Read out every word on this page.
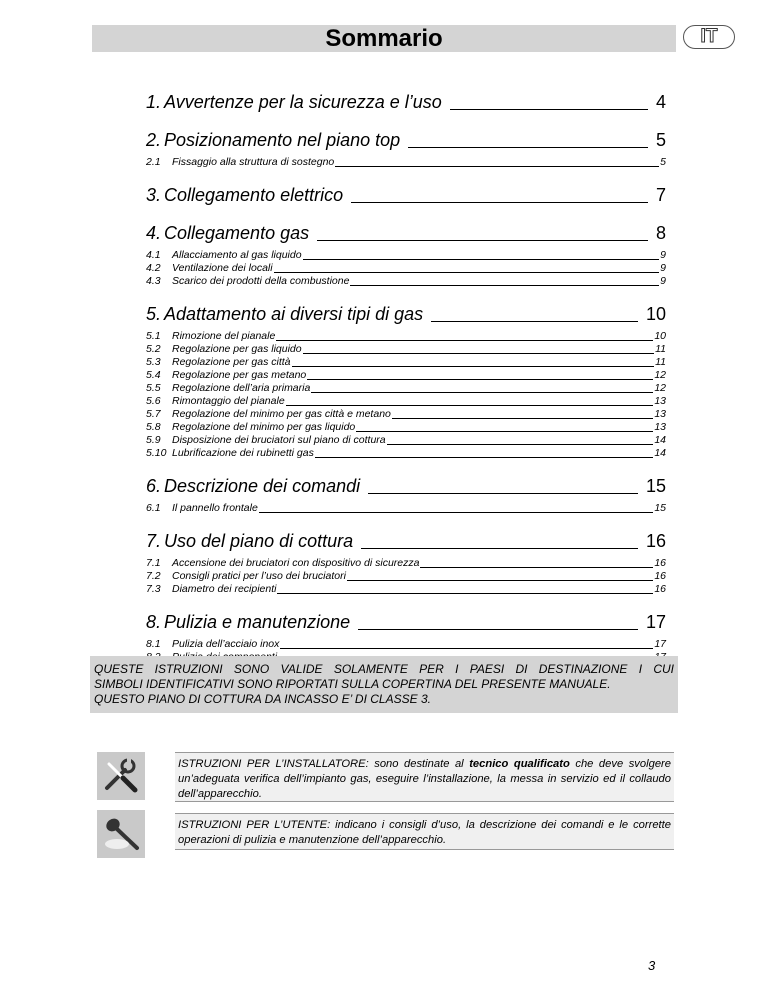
Sommario	IT
1. Avvertenze per la sicurezza e l’uso	4
2. Posizionamento nel piano top	5
2.1	Fissaggio alla struttura di sostegno	5
3. Collegamento elettrico	7
4. Collegamento gas	8
4.1	Allacciamento al gas liquido	9
4.2	Ventilazione dei locali	9
4.3	Scarico dei prodotti della combustione	9
5. Adattamento ai diversi tipi di gas	10
5.1	Rimozione del pianale	10
5.2	Regolazione per gas liquido	11
5.3	Regolazione per gas città	11
5.4	Regolazione per gas metano	12
5.5	Regolazione dell’aria primaria	12
5.6	Rimontaggio del pianale	13
5.7	Regolazione del minimo per gas città e metano	13
5.8	Regolazione del minimo per gas liquido	13
5.9	Disposizione dei bruciatori sul piano di cottura	14
5.10 Lubrificazione dei rubinetti gas	14
6. Descrizione dei comandi	15
6.1	Il pannello frontale	15
7. Uso del piano di cottura	16
7.1	Accensione dei bruciatori con dispositivo di sicurezza	16
7.2	Consigli pratici per l’uso dei bruciatori	16
7.3	Diametro dei recipienti	16
8. Pulizia e manutenzione	17
8.1	Pulizia dell’acciaio inox	17

QUESTE ISTRUZIONI SONO VALIDE SOLAMENTE PER I PAESI DI DESTINAZIONE I CUI

SIMBOLI IDENTIFICATIVI SONO RIPORTATI SULLA COPERTINA DEL PRESENTE MANUALE.

QUESTO PIANO DI COTTURA DA INCASSO E’ DI CLASSE 3.

ISTRUZIONI PER L’INSTALLATORE: sono destinate al tecnico qualificato che deve svolgere un’adeguata verifica dell’impianto gas, eseguire l’installazione, la messa in servizio ed il collaudo dell’apparecchio.
ISTRUZIONI PER L’UTENTE: indicano i consigli d’uso, la descrizione dei comandi e le corrette operazioni di pulizia e manutenzione dell’apparecchio.
3
